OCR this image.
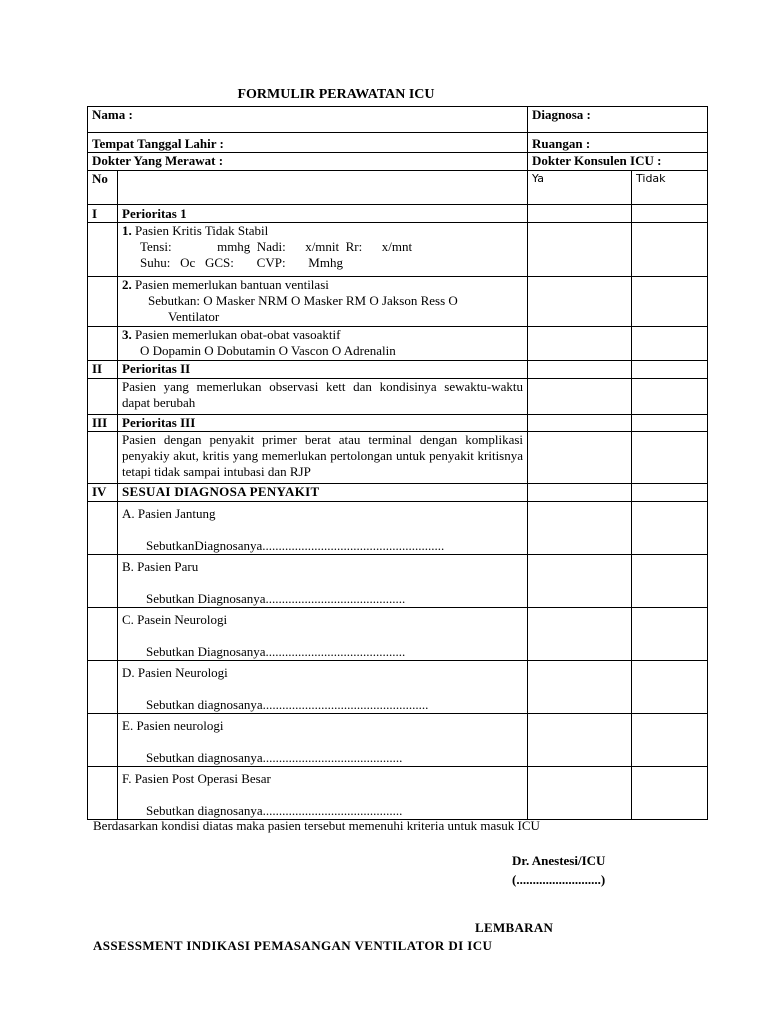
FORMULIR PERAWATAN ICU
Nama :		Diagnosa :	
Tempat Tanggal Lahir :		Ruangan :	
Dokter Yang Merawat :		Dokter Konsulen ICU :	
No		Ya	Tidak
I	Perioritas 1		

	1. Pasien Kritis Tidak Stabil
Tensi:              mmhg  Nadi:      x/mnit  Rr:      x/mnt
Suhu:   Oc   GCS:       CVP:       Mmhg		

	2. Pasien memerlukan bantuan ventilasi
Sebutkan: O Masker NRM O Masker RM O Jakson Ress O
Ventilator		

	3. Pasien memerlukan obat-obat vasoaktif
O Dopamin O Dobutamin O Vascon O Adrenalin		

II	Perioritas II		
	Pasien yang memerlukan observasi kett dan kondisinya sewaktu-waktu dapat berubah		
III	Perioritas III		
	Pasien dengan penyakit primer berat atau terminal dengan komplikasi penyakiy akut, kritis yang memerlukan pertolongan untuk penyakit kritisnya tetapi tidak sampai intubasi dan RJP		
IV	SESUAI DIAGNOSA PENYAKIT		

	A. Pasien Jantung
SebutkanDiagnosanya........................................................		

	B. Pasien Paru
Sebutkan Diagnosanya...........................................		

	C. Pasein Neurologi
Sebutkan Diagnosanya...........................................		

	D. Pasien Neurologi
Sebutkan diagnosanya...................................................		

	E. Pasien neurologi
Sebutkan diagnosanya...........................................		

	F. Pasien Post Operasi Besar
Sebutkan diagnosanya...........................................		

Berdasarkan kondisi diatas maka pasien tersebut memenuhi kriteria untuk masuk ICU
Dr. Anestesi/ICU
(..........................)
LEMBARAN
ASSESSMENT INDIKASI PEMASANGAN VENTILATOR DI ICU
